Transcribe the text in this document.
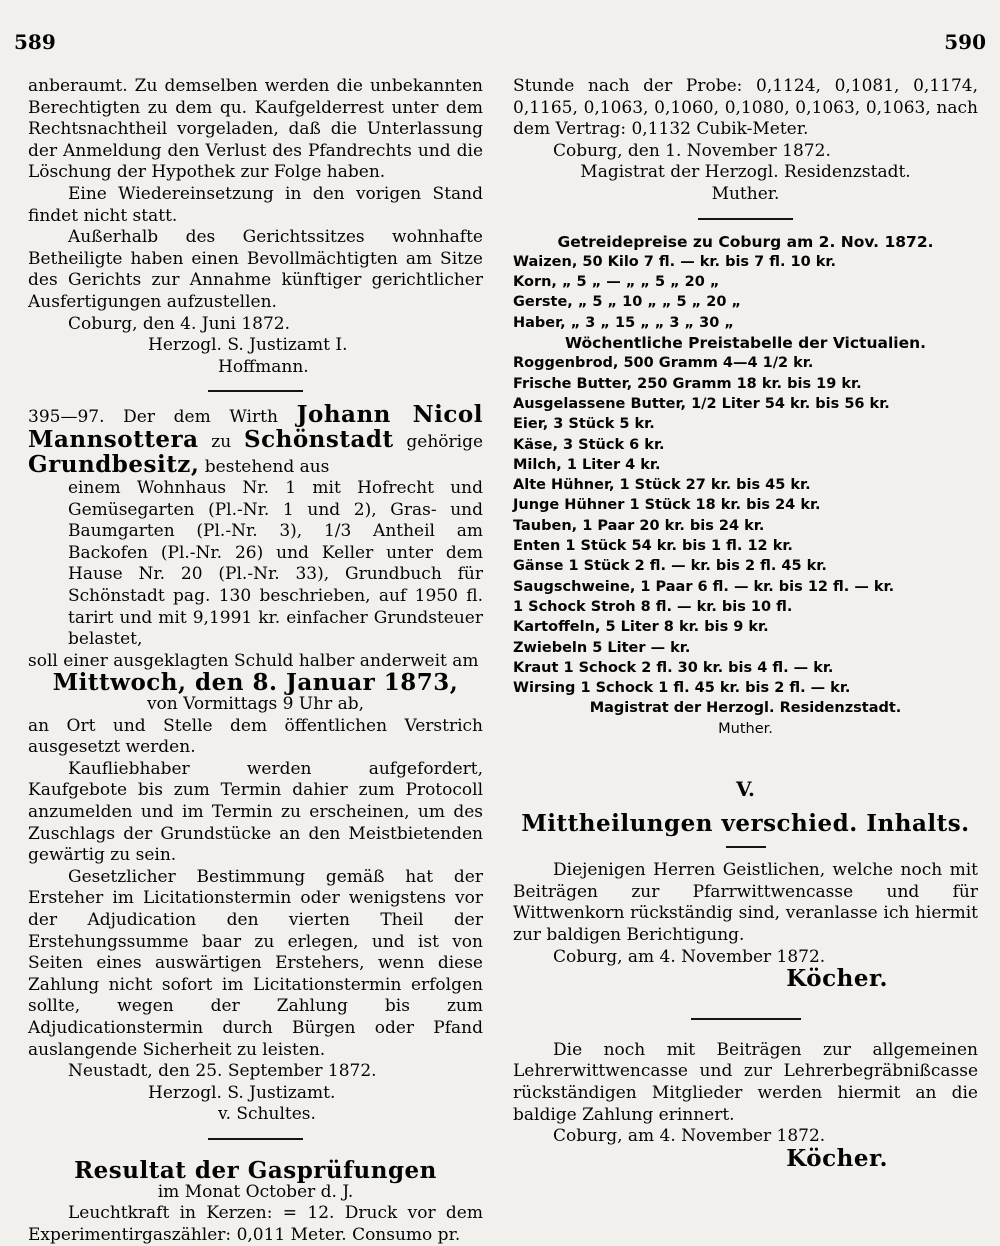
589	590

anberaumt. Zu demselben werden die unbekannten Berechtigten zu dem qu. Kaufgelderrest unter dem Rechtsnachtheil vorgeladen, daß die Unterlassung der Anmeldung den Verlust des Pfandrechts und die Löschung der Hypothek zur Folge haben.

Eine Wiedereinsetzung in den vorigen Stand findet nicht statt.

Außerhalb des Gerichtssitzes wohnhafte Betheiligte haben einen Bevollmächtigten am Sitze des Gerichts zur Annahme künftiger gerichtlicher Ausfertigungen aufzustellen.

Coburg, den 4. Juni 1872.

Herzogl. S. Justizamt I.

Hoffmann.

395—97. Der dem Wirth Johann Nicol Mannsottera zu Schönstadt gehörige Grundbesitz, bestehend aus

einem Wohnhaus Nr. 1 mit Hofrecht und Gemüsegarten (Pl.-Nr. 1 und 2), Gras- und Baumgarten (Pl.-Nr. 3), 1/3 Antheil am Backofen (Pl.-Nr. 26) und Keller unter dem Hause Nr. 20 (Pl.-Nr. 33), Grundbuch für Schönstadt pag. 130 beschrieben, auf 1950 fl. tarirt und mit 9,1991 kr. einfacher Grundsteuer belastet,

soll einer ausgeklagten Schuld halber anderweit am

Mittwoch, den 8. Januar 1873,

von Vormittags 9 Uhr ab,

an Ort und Stelle dem öffentlichen Verstrich ausgesetzt werden.

Kaufliebhaber werden aufgefordert, Kaufgebote bis zum Termin dahier zum Protocoll anzumelden und im Termin zu erscheinen, um des Zuschlags der Grundstücke an den Meistbietenden gewärtig zu sein.

Gesetzlicher Bestimmung gemäß hat der Ersteher im Licitationstermin oder wenigstens vor der Adjudication den vierten Theil der Erstehungssumme baar zu erlegen, und ist von Seiten eines auswärtigen Erstehers, wenn diese Zahlung nicht sofort im Licitationstermin erfolgen sollte, wegen der Zahlung bis zum Adjudicationstermin durch Bürgen oder Pfand auslangende Sicherheit zu leisten.

Neustadt, den 25. September 1872.

Herzogl. S. Justizamt.

v. Schultes.

Resultat der Gasprüfungen

im Monat October d. J.

Leuchtkraft in Kerzen: = 12. Druck vor dem Experimentirgaszähler: 0,011 Meter. Consumo pr.

Stunde nach der Probe: 0,1124, 0,1081, 0,1174, 0,1165, 0,1063, 0,1060, 0,1080, 0,1063, 0,1063, nach dem Vertrag: 0,1132 Cubik-Meter.

Coburg, den 1. November 1872.

Magistrat der Herzogl. Residenzstadt.

Muther.

Getreidepreise zu Coburg am 2. Nov. 1872.

Waizen, 50 Kilo 7 fl. — kr. bis 7 fl. 10 kr.

Korn, „ 5 „ — „ „ 5 „ 20 „

Gerste, „ 5 „ 10 „ „ 5 „ 20 „

Haber, „ 3 „ 15 „ „ 3 „ 30 „

Wöchentliche Preistabelle der Victualien.

Roggenbrod, 500 Gramm 4—4 1/2 kr.

Frische Butter, 250 Gramm 18 kr. bis 19 kr.

Ausgelassene Butter, 1/2 Liter 54 kr. bis 56 kr.

Eier, 3 Stück 5 kr.

Käse, 3 Stück 6 kr.

Milch, 1 Liter 4 kr.

Alte Hühner, 1 Stück 27 kr. bis 45 kr.

Junge Hühner 1 Stück 18 kr. bis 24 kr.

Tauben, 1 Paar 20 kr. bis 24 kr.

Enten 1 Stück 54 kr. bis 1 fl. 12 kr.

Gänse 1 Stück 2 fl. — kr. bis 2 fl. 45 kr.

Saugschweine, 1 Paar 6 fl. — kr. bis 12 fl. — kr.

1 Schock Stroh 8 fl. — kr. bis 10 fl.

Kartoffeln, 5 Liter 8 kr. bis 9 kr.

Zwiebeln 5 Liter — kr.

Kraut 1 Schock 2 fl. 30 kr. bis 4 fl. — kr.

Wirsing 1 Schock 1 fl. 45 kr. bis 2 fl. — kr.

Magistrat der Herzogl. Residenzstadt.

Muther.

V.

Mittheilungen verschied. Inhalts.

Diejenigen Herren Geistlichen, welche noch mit Beiträgen zur Pfarrwittwencasse und für Wittwenkorn rückständig sind, veranlasse ich hiermit zur baldigen Berichtigung.

Coburg, am 4. November 1872.

Köcher.

Die noch mit Beiträgen zur allgemeinen Lehrerwittwencasse und zur Lehrerbegräbnißcasse rückständigen Mitglieder werden hiermit an die baldige Zahlung erinnert.

Coburg, am 4. November 1872.

Köcher.
